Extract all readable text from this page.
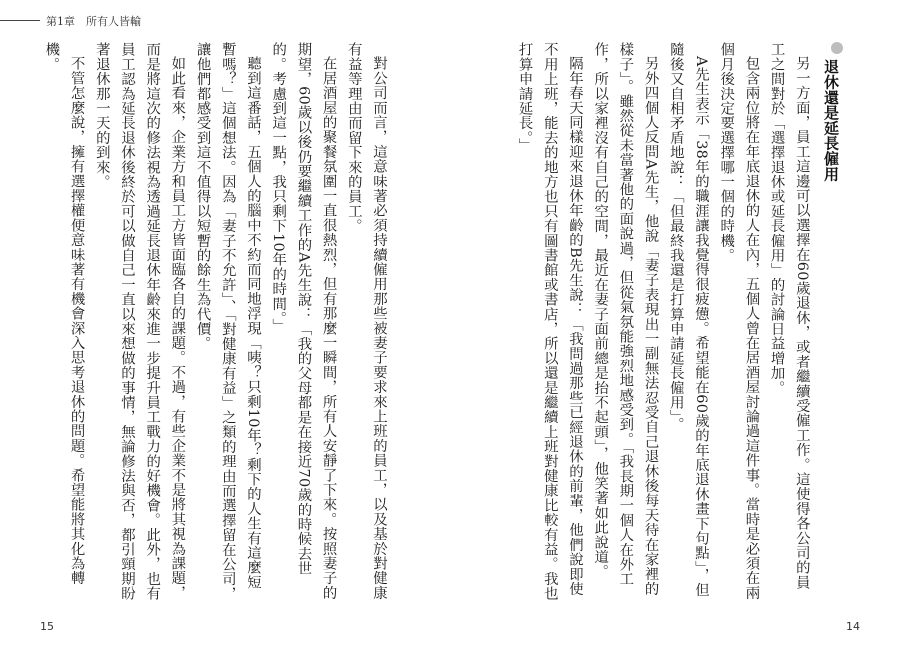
第1章　所有人皆輸
退休還是延長僱用

另一方面，員工這邊可以選擇在60歲退休，或者繼續受僱工作。這使得各公司的員工之間對於「選擇退休或延長僱用」的討論日益增加。

包含兩位將在年底退休的人在內，五個人曾在居酒屋討論過這件事。當時是必須在兩個月後決定要選擇哪一個的時機。

A先生表示「38年的職涯讓我覺得很疲憊。希望能在60歲的年底退休畫下句點」，但隨後又自相矛盾地說：「但最終我還是打算申請延長僱用」。

另外四個人反問A先生，他說「妻子表現出一副無法忍受自己退休後每天待在家裡的樣子」。雖然從未當著他的面說過，但從氣氛能強烈地感受到。「我長期一個人在外工作，所以家裡沒有自己的空間，最近在妻子面前總是抬不起頭」，他笑著如此說道。

隔年春天同樣迎來退休年齡的B先生說：「我問過那些已經退休的前輩，他們說即使不用上班，能去的地方也只有圖書館或書店，所以還是繼續上班對健康比較有益。我也打算申請延長。」

對公司而言，這意味著必須持續僱用那些被妻子要求來上班的員工，以及基於對健康有益等理由而留下來的員工。

在居酒屋的聚餐氛圍一直很熱烈，但有那麼一瞬間，所有人安靜了下來。按照妻子的期望，60歲以後仍要繼續工作的A先生說：「我的父母都是在接近70歲的時候去世的。考慮到這一點，我只剩下10年的時間。」

聽到這番話，五個人的腦中不約而同地浮現「咦？只剩10年？剩下的人生有這麼短暫嗎？」這個想法。因為「妻子不允許」、「對健康有益」之類的理由而選擇留在公司，讓他們都感受到這不值得以短暫的餘生為代價。

如此看來，企業方和員工方皆面臨各自的課題。不過，有些企業不是將其視為課題，而是將這次的修法視為透過延長退休年齡來進一步提升員工戰力的好機會。此外，也有員工認為延長退休後終於可以做自己一直以來想做的事情，無論修法與否，都引頸期盼著退休那一天的到來。

不管怎麼說，擁有選擇權便意味著有機會深入思考退休的問題。希望能將其化為轉機。

15	14
